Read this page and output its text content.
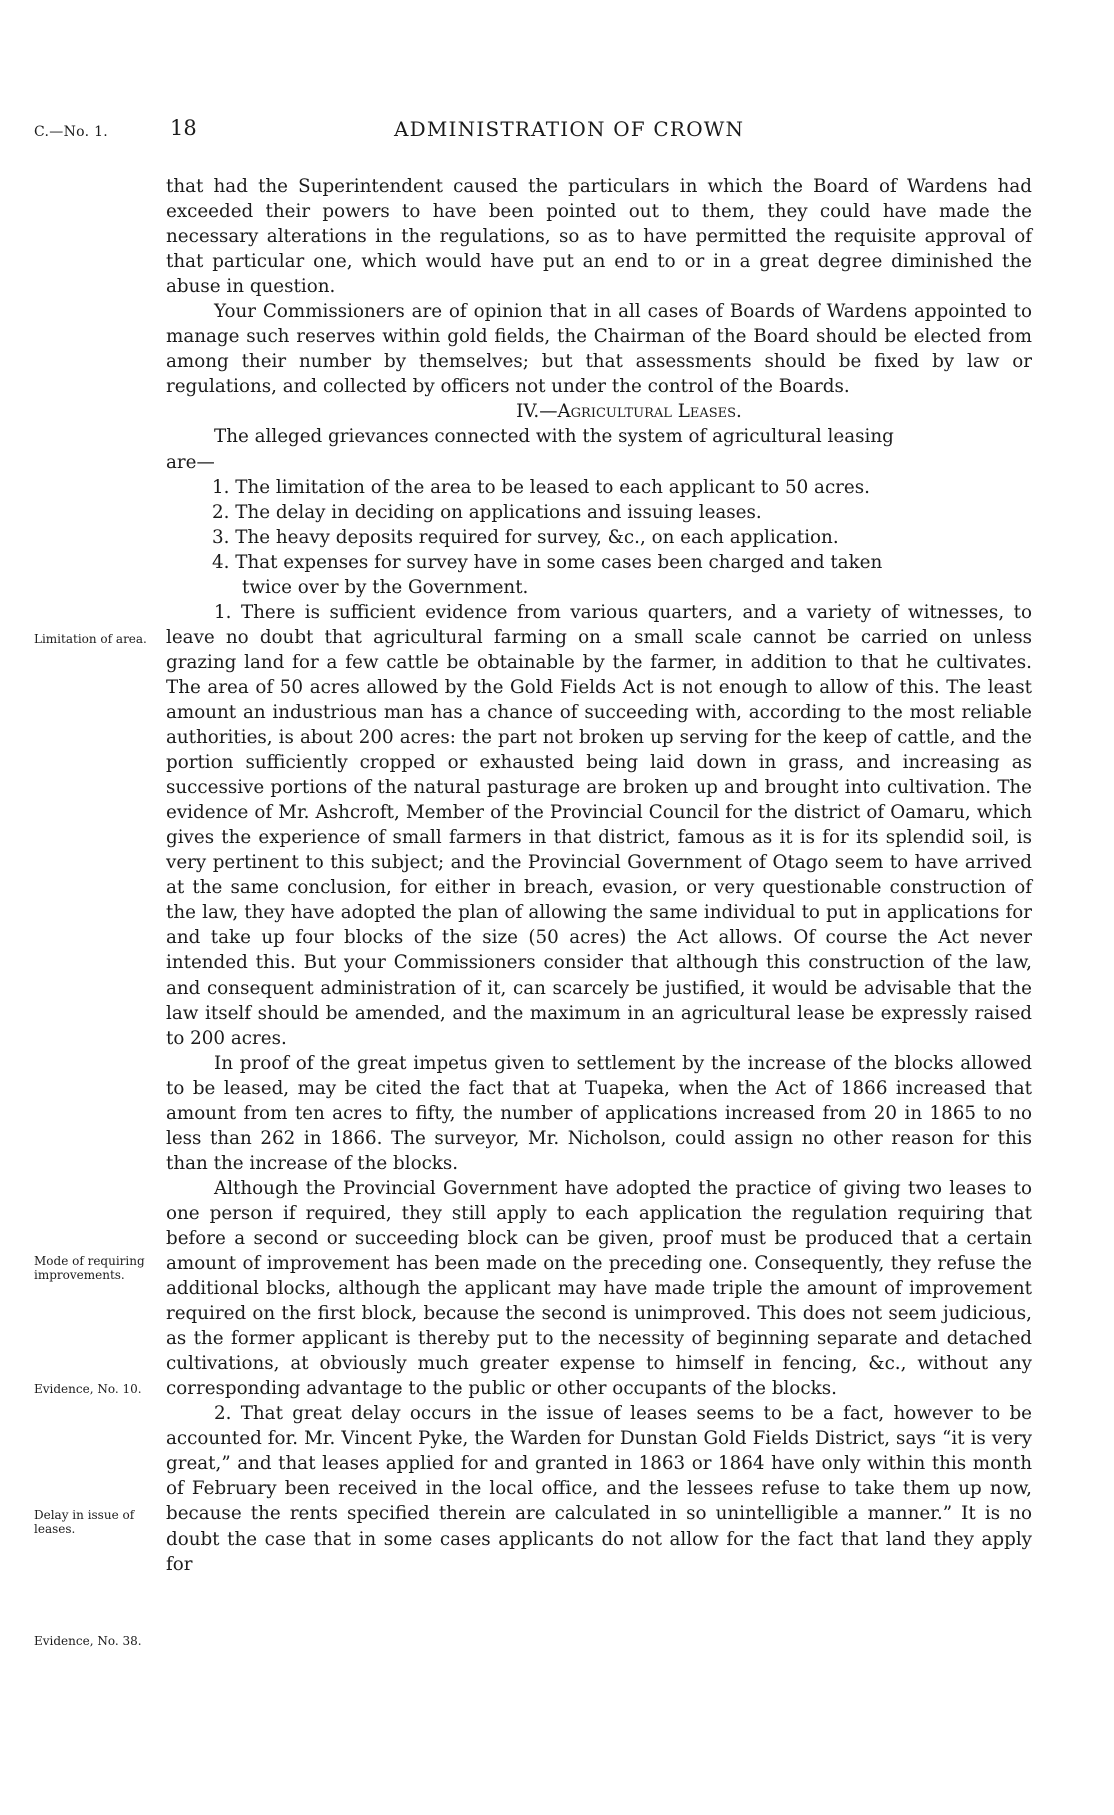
C.—No. 1.	18	ADMINISTRATION OF CROWN

that had the Superintendent caused the particulars in which the Board of Wardens had exceeded their powers to have been pointed out to them, they could have made the necessary alterations in the regulations, so as to have permitted the requisite approval of that particular one, which would have put an end to or in a great degree diminished the abuse in question.

Your Commissioners are of opinion that in all cases of Boards of Wardens appointed to manage such reserves within gold fields, the Chairman of the Board should be elected from among their number by themselves; but that assessments should be fixed by law or regulations, and collected by officers not under the control of the Boards.

IV.—Agricultural Leases.

The alleged grievances connected with the system of agricultural leasing

are—

1. The limitation of the area to be leased to each applicant to 50 acres.

2. The delay in deciding on applications and issuing leases.

3. The heavy deposits required for survey, &c., on each application.

4. That expenses for survey have in some cases been charged and taken

twice over by the Government.

1. There is sufficient evidence from various quarters, and a variety of witnesses, to leave no doubt that agricultural farming on a small scale cannot be carried on unless grazing land for a few cattle be obtainable by the farmer, in addition to that he cultivates. The area of 50 acres allowed by the Gold Fields Act is not enough to allow of this. The least amount an industrious man has a chance of succeeding with, according to the most reliable authorities, is about 200 acres: the part not broken up serving for the keep of cattle, and the portion sufficiently cropped or exhausted being laid down in grass, and increasing as successive portions of the natural pasturage are broken up and brought into cultivation. The evidence of Mr. Ashcroft, Member of the Provincial Council for the district of Oamaru, which gives the experience of small farmers in that district, famous as it is for its splendid soil, is very pertinent to this subject; and the Provincial Government of Otago seem to have arrived at the same conclusion, for either in breach, evasion, or very questionable construction of the law, they have adopted the plan of allowing the same individual to put in applications for and take up four blocks of the size (50 acres) the Act allows. Of course the Act never intended this. But your Commissioners consider that although this construction of the law, and consequent administration of it, can scarcely be justified, it would be advisable that the law itself should be amended, and the maximum in an agricultural lease be expressly raised to 200 acres.

In proof of the great impetus given to settlement by the increase of the blocks allowed to be leased, may be cited the fact that at Tuapeka, when the Act of 1866 increased that amount from ten acres to fifty, the number of applications increased from 20 in 1865 to no less than 262 in 1866. The surveyor, Mr. Nicholson, could assign no other reason for this than the increase of the blocks.

Although the Provincial Government have adopted the practice of giving two leases to one person if required, they still apply to each application the regulation requiring that before a second or succeeding block can be given, proof must be produced that a certain amount of improvement has been made on the preceding one. Consequently, they refuse the additional blocks, although the applicant may have made triple the amount of improvement required on the first block, because the second is unimproved. This does not seem judicious, as the former applicant is thereby put to the necessity of beginning separate and detached cultivations, at obviously much greater expense to himself in fencing, &c., without any corresponding advantage to the public or other occupants of the blocks.

2. That great delay occurs in the issue of leases seems to be a fact, however to be accounted for. Mr. Vincent Pyke, the Warden for Dunstan Gold Fields District, says “it is very great,” and that leases applied for and granted in 1863 or 1864 have only within this month of February been received in the local office, and the lessees refuse to take them up now, because the rents specified therein are calculated in so unintelligible a manner.” It is no doubt the case that in some cases applicants do not allow for the fact that land they apply for

Limitation of area.
Mode of requiring improvements.
Evidence, No. 10.
Delay in issue of leases.
Evidence, No. 38.
